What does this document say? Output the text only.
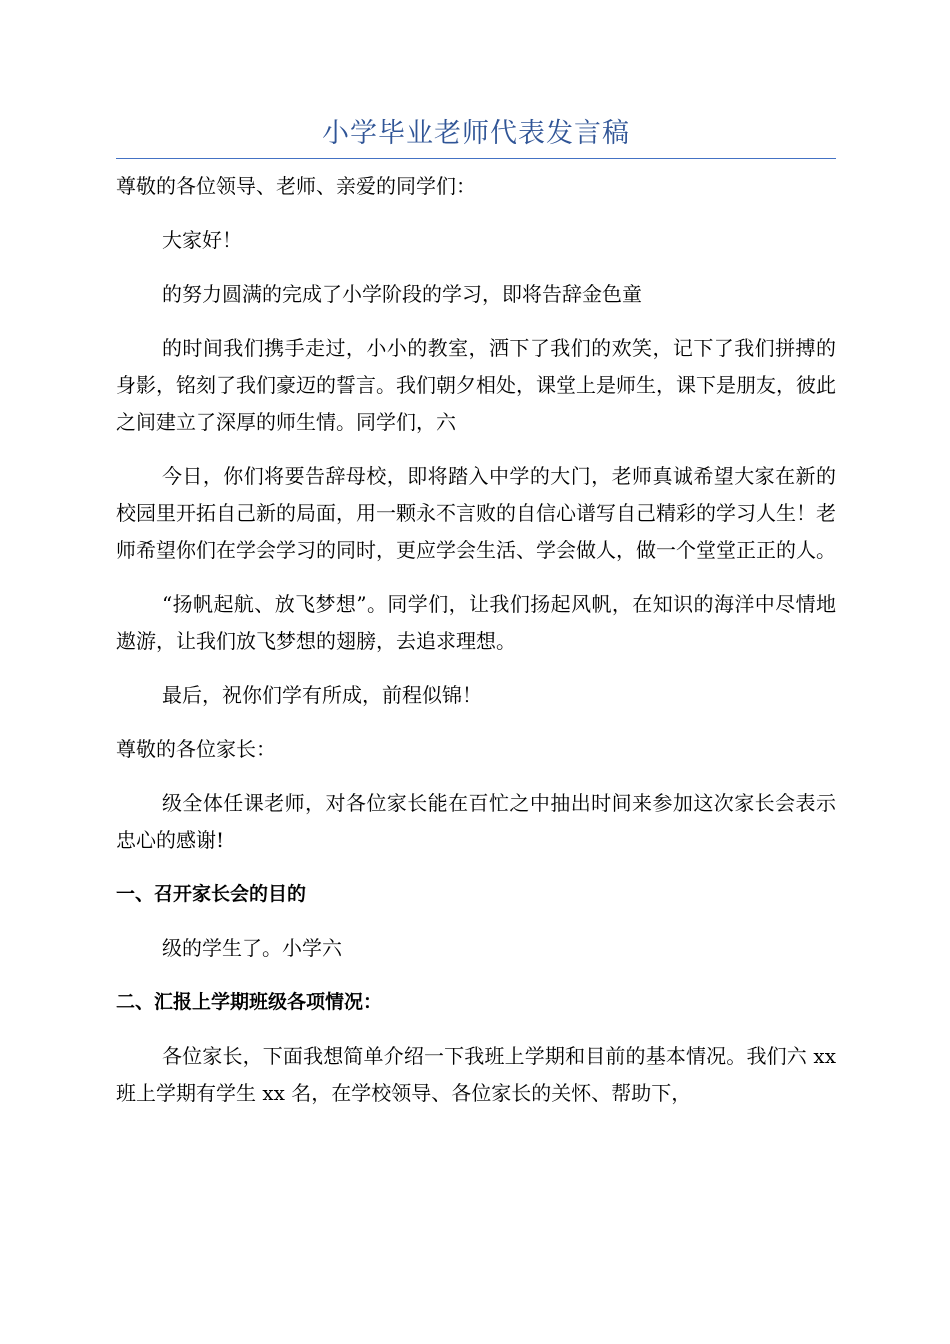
小学毕业老师代表发言稿

尊敬的各位领导、老师、亲爱的同学们：

大家好！

的努力圆满的完成了小学阶段的学习，即将告辞金色童

的时间我们携手走过，小小的教室，洒下了我们的欢笑，记下了我们拼搏的身影，铭刻了我们豪迈的誓言。我们朝夕相处，课堂上是师生，课下是朋友，彼此之间建立了深厚的师生情。同学们，六

今日，你们将要告辞母校，即将踏入中学的大门，老师真诚希望大家在新的校园里开拓自己新的局面，用一颗永不言败的自信心谱写自己精彩的学习人生！老师希望你们在学会学习的同时，更应学会生活、学会做人，做一个堂堂正正的人。

“扬帆起航、放飞梦想”。同学们，让我们扬起风帆，在知识的海洋中尽情地遨游，让我们放飞梦想的翅膀，去追求理想。

最后，祝你们学有所成，前程似锦！

尊敬的各位家长：

级全体任课老师，对各位家长能在百忙之中抽出时间来参加这次家长会表示忠心的感谢!

一、召开家长会的目的

级的学生了。小学六

二、汇报上学期班级各项情况：

各位家长，下面我想简单介绍一下我班上学期和目前的基本情况。我们六 xx 班上学期有学生 xx 名，在学校领导、各位家长的关怀、帮助下，
